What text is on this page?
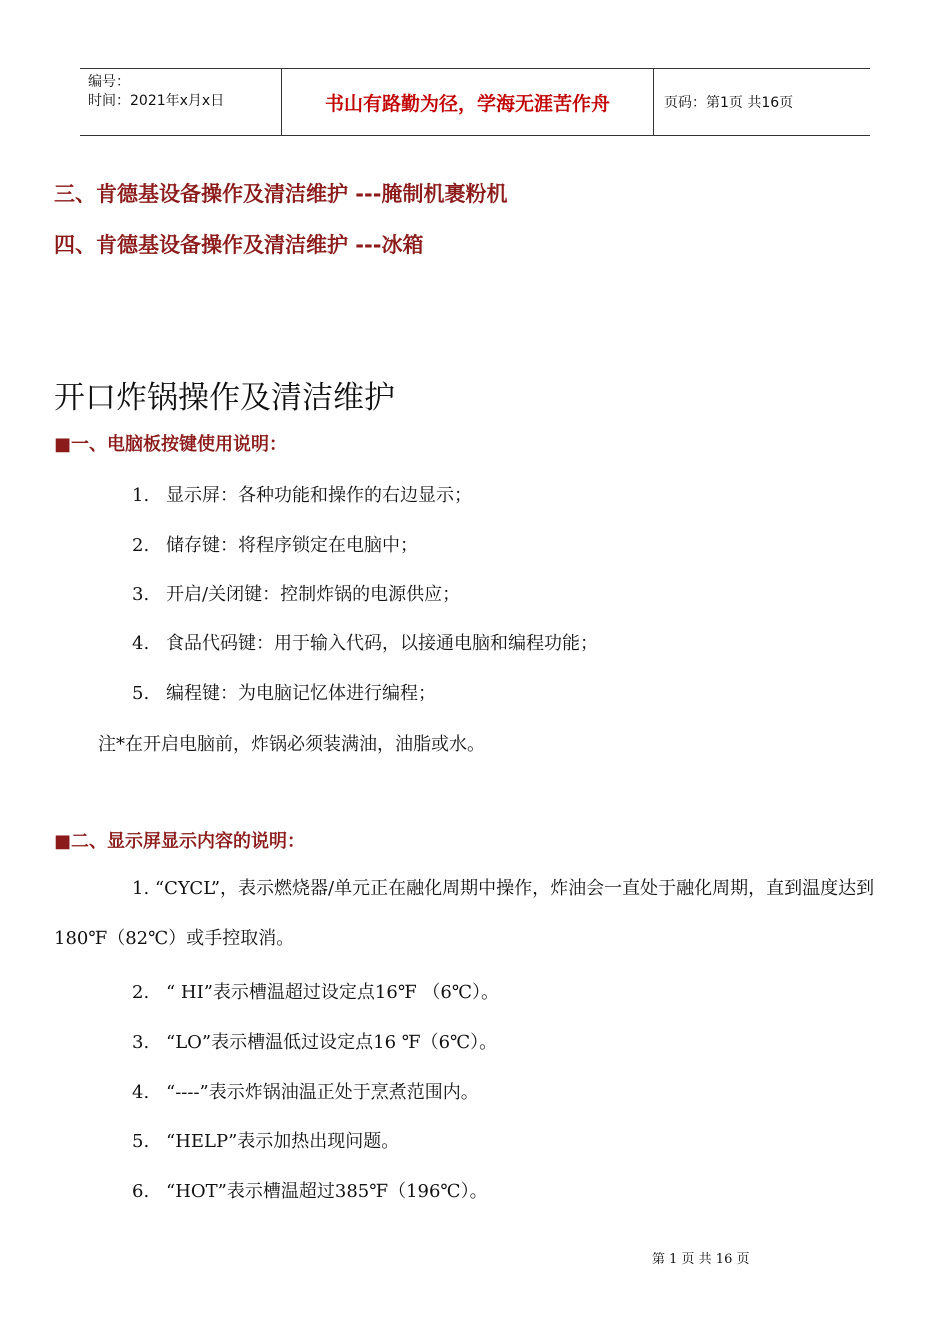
编号：
时间：2021年x月x日	书山有路勤为径，学海无涯苦作舟	页码：第1页 共16页
三、肯德基设备操作及清洁维护 ---腌制机裹粉机
四、肯德基设备操作及清洁维护 ---冰箱
开口炸锅操作及清洁维护
■一、电脑板按键使用说明：
1. 显示屏：各种功能和操作的右边显示；
2. 储存键：将程序锁定在电脑中；
3. 开启/关闭键：控制炸锅的电源供应；
4. 食品代码键：用于输入代码，以接通电脑和编程功能；
5. 编程键：为电脑记忆体进行编程；
注*在开启电脑前，炸锅必须装满油，油脂或水。
■二、显示屏显示内容的说明：
1. “CYCL”，表示燃烧器/单元正在融化周期中操作，炸油会一直处于融化周期，直到温度达到180℉（82℃）或手控取消。
2. “ HI”表示槽温超过设定点16℉ （6℃）。
3. “LO”表示槽温低过设定点16 ℉（6℃）。
4. “----”表示炸锅油温正处于烹煮范围内。
5. “HELP”表示加热出现问题。
6. “HOT”表示槽温超过385℉（196℃）。
第 1 页 共 16 页
